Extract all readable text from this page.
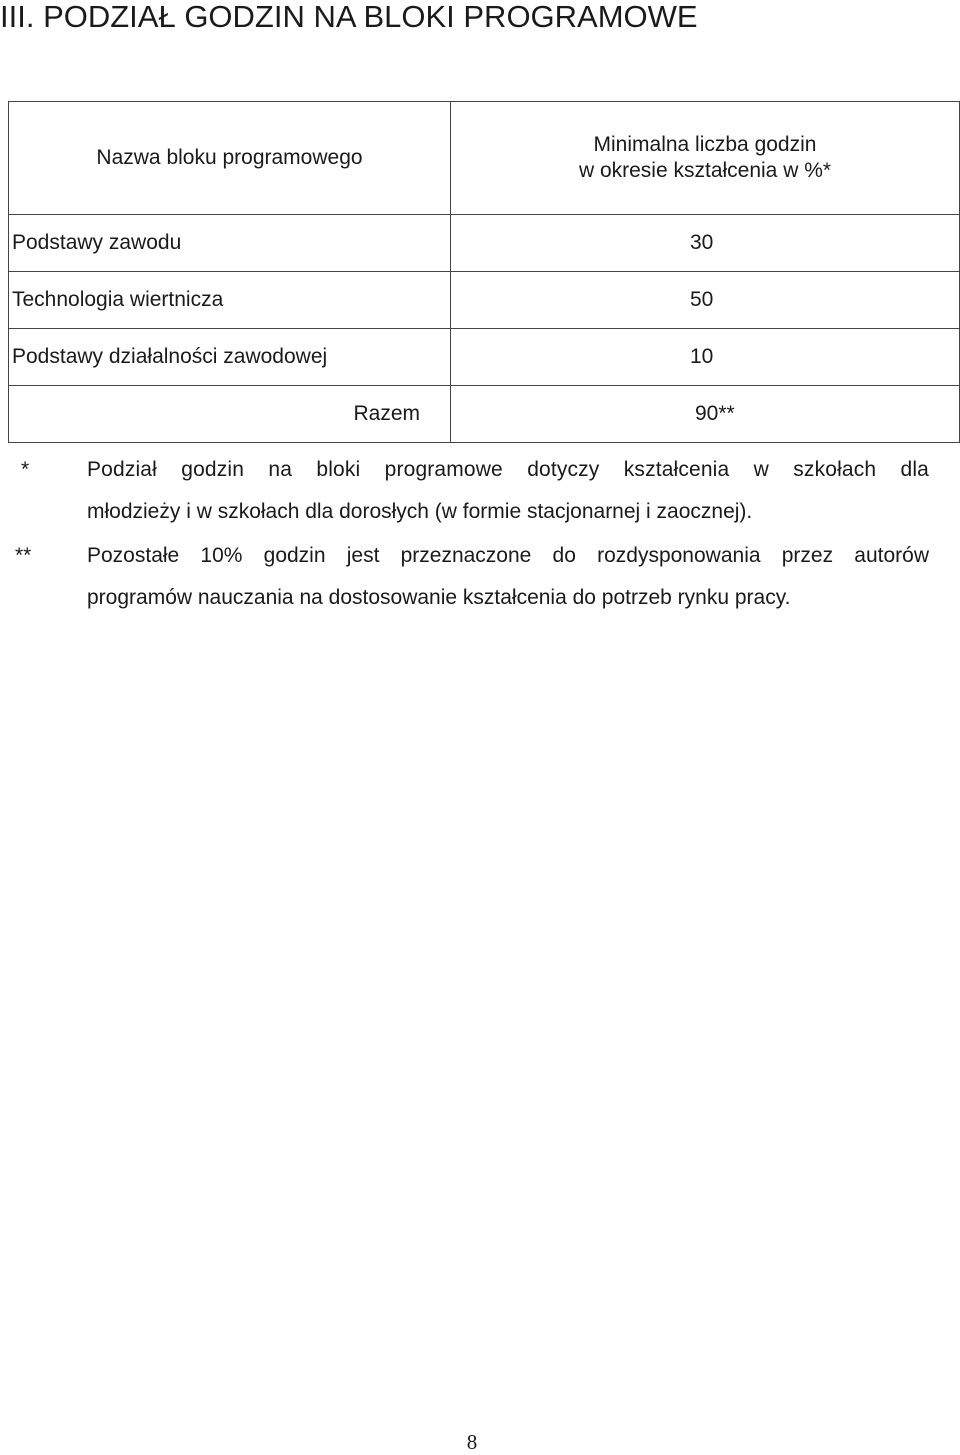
III. PODZIAŁ GODZIN NA BLOKI PROGRAMOWE
Nazwa bloku programowego	Minimalna liczba godzin
w okresie kształcenia w %*
Podstawy zawodu	30
Technologia wiertnicza	50
Podstawy działalności zawodowej	10
Razem	90**
*	Podział godzin na bloki programowe dotyczy kształcenia w szkołach dla
młodzieży i w szkołach dla dorosłych (w formie stacjonarnej i zaocznej).
**	Pozostałe 10% godzin jest przeznaczone do rozdysponowania przez autorów
programów nauczania na dostosowanie kształcenia do potrzeb rynku pracy.
8
